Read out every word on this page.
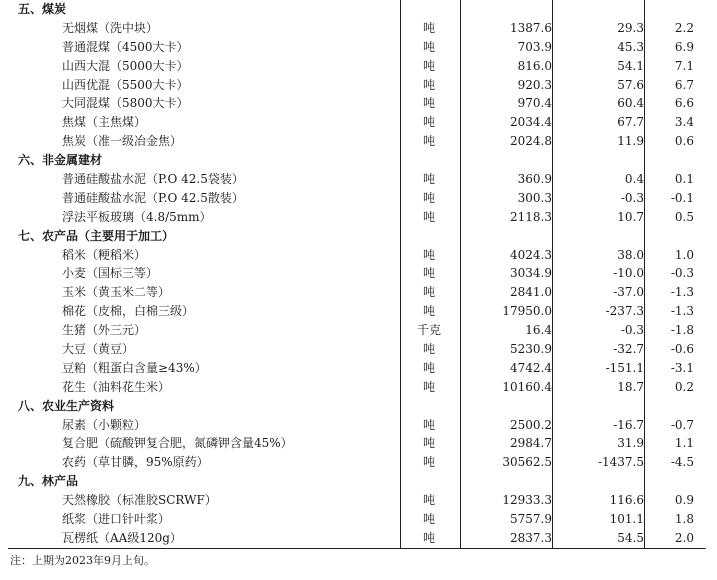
五、煤炭
无烟煤（洗中块）	吨	1387.6	29.3	2.2
普通混煤（4500大卡）	吨	703.9	45.3	6.9
山西大混（5000大卡）	吨	816.0	54.1	7.1
山西优混（5500大卡）	吨	920.3	57.6	6.7
大同混煤（5800大卡）	吨	970.4	60.4	6.6
焦煤（主焦煤）	吨	2034.4	67.7	3.4
焦炭（准一级冶金焦）	吨	2024.8	11.9	0.6
六、非金属建材
普通硅酸盐水泥（P.O 42.5袋装）	吨	360.9	0.4	0.1
普通硅酸盐水泥（P.O 42.5散装）	吨	300.3	-0.3	-0.1
浮法平板玻璃（4.8/5mm）	吨	2118.3	10.7	0.5
七、农产品（主要用于加工）
稻米（粳稻米）	吨	4024.3	38.0	1.0
小麦（国标三等）	吨	3034.9	-10.0	-0.3
玉米（黄玉米二等）	吨	2841.0	-37.0	-1.3
棉花（皮棉，白棉三级）	吨	17950.0	-237.3	-1.3
生猪（外三元）	千克	16.4	-0.3	-1.8
大豆（黄豆）	吨	5230.9	-32.7	-0.6
豆粕（粗蛋白含量≥43%）	吨	4742.4	-151.1	-3.1
花生（油料花生米）	吨	10160.4	18.7	0.2
八、农业生产资料
尿素（小颗粒）	吨	2500.2	-16.7	-0.7
复合肥（硫酸钾复合肥，氮磷钾含量45%）	吨	2984.7	31.9	1.1
农药（草甘膦，95%原药）	吨	30562.5	-1437.5	-4.5
九、林产品
天然橡胶（标准胶SCRWF）	吨	12933.3	116.6	0.9
纸浆（进口针叶浆）	吨	5757.9	101.1	1.8
瓦楞纸（AA级120g）	吨	2837.3	54.5	2.0
注：上期为2023年9月上旬。
